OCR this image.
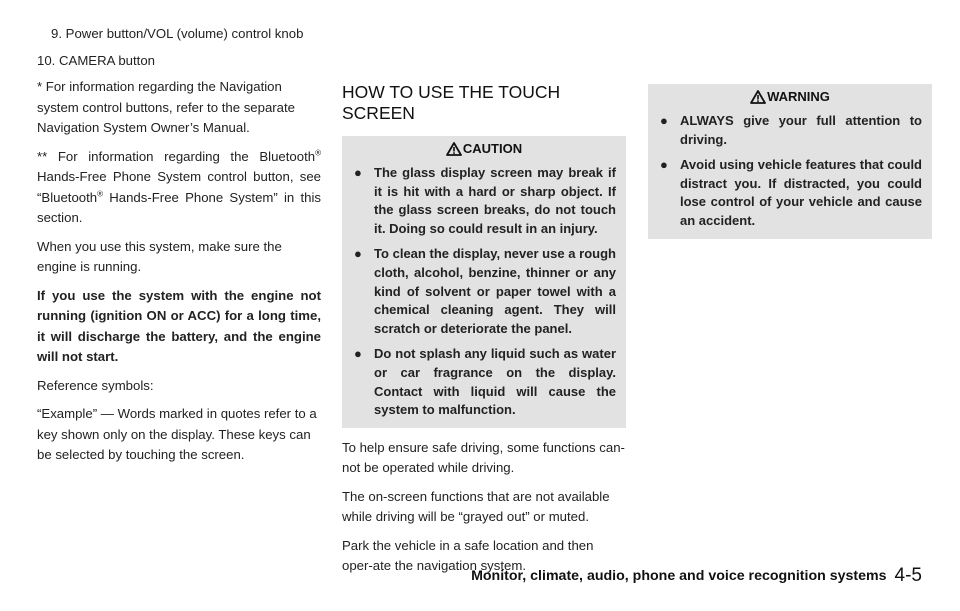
9. Power button/VOL (volume) control knob
10. CAMERA button
* For information regarding the Navigation system control buttons, refer to the separate Navigation System Owner’s Manual.
** For information regarding the Bluetooth® Hands-Free Phone System control button, see “Bluetooth® Hands-Free Phone System” in this section.
When you use this system, make sure the engine is running.
If you use the system with the engine not running (ignition ON or ACC) for a long time, it will discharge the battery, and the engine will not start.
Reference symbols:
“Example” — Words marked in quotes refer to a key shown only on the display. These keys can be selected by touching the screen.
HOW TO USE THE TOUCH SCREEN
CAUTION
● The glass display screen may break if it is hit with a hard or sharp object. If the glass screen breaks, do not touch it. Doing so could result in an injury.
● To clean the display, never use a rough cloth, alcohol, benzine, thinner or any kind of solvent or paper towel with a chemical cleaning agent. They will scratch or deteriorate the panel.
● Do not splash any liquid such as water or car fragrance on the display. Contact with liquid will cause the system to malfunction.
To help ensure safe driving, some functions can-not be operated while driving.
The on-screen functions that are not available while driving will be “grayed out” or muted.
Park the vehicle in a safe location and then oper-ate the navigation system.
WARNING
● ALWAYS give your full attention to driving.
● Avoid using vehicle features that could distract you. If distracted, you could lose control of your vehicle and cause an accident.
Monitor, climate, audio, phone and voice recognition systems 4-5
